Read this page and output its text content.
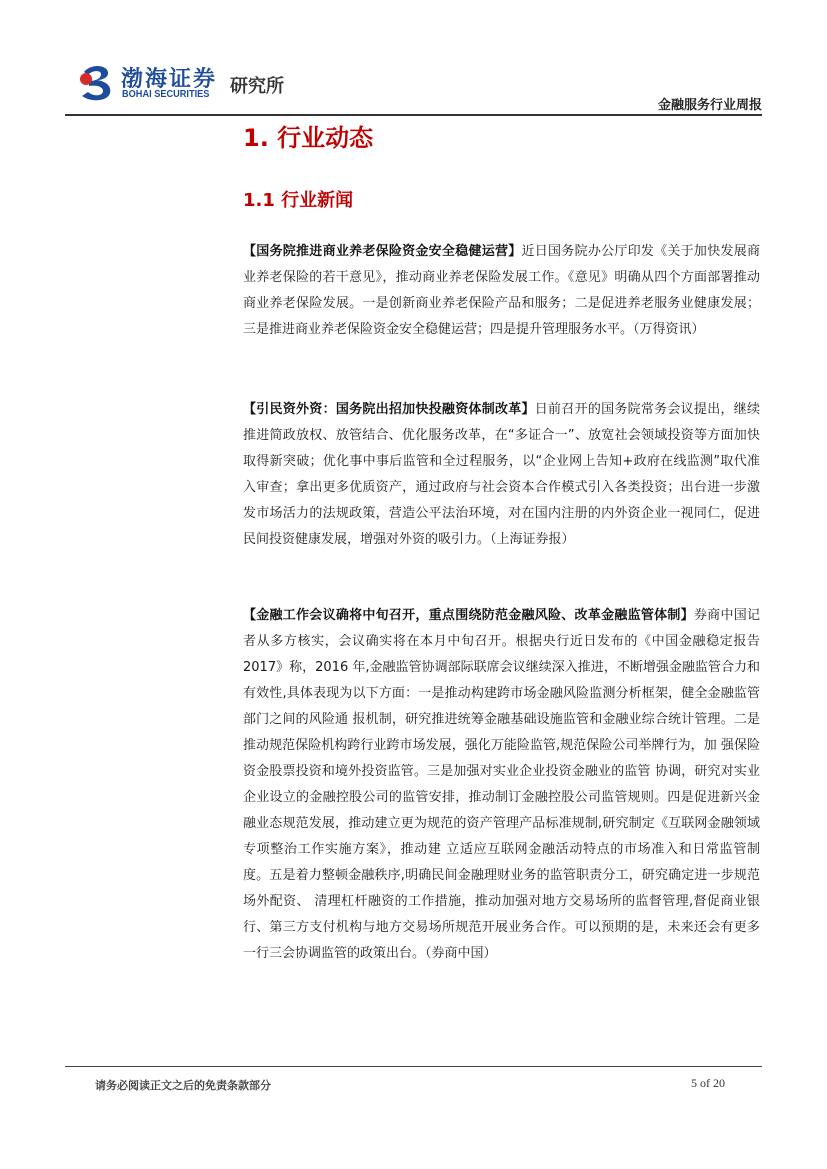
渤海证券
BOHAI SECURITIES 研究所
金融服务行业周报
1. 行业动态
1.1 行业新闻

【国务院推进商业养老保险资金安全稳健运营】近日国务院办公厅印发《关于加快发展商业养老保险的若干意见》，推动商业养老保险发展工作。《意见》明确从四个方面部署推动商业养老保险发展。一是创新商业养老保险产品和服务；二是促进养老服务业健康发展；三是推进商业养老保险资金安全稳健运营；四是提升管理服务水平。（万得资讯）

【引民资外资：国务院出招加快投融资体制改革】日前召开的国务院常务会议提出，继续推进简政放权、放管结合、优化服务改革，在“多证合一”、放宽社会领域投资等方面加快取得新突破；优化事中事后监管和全过程服务，以“企业网上告知+政府在线监测”取代准入审查；拿出更多优质资产，通过政府与社会资本合作模式引入各类投资；出台进一步激发市场活力的法规政策，营造公平法治环境，对在国内注册的内外资企业一视同仁，促进民间投资健康发展，增强对外资的吸引力。（上海证券报）

【金融工作会议确将中旬召开，重点围绕防范金融风险、改革金融监管体制】券商中国记者从多方核实，会议确实将在本月中旬召开。根据央行近日发布的《中国金融稳定报告 2017》称，2016 年,金融监管协调部际联席会议继续深入推进，不断增强金融监管合力和有效性,具体表现为以下方面：一是推动构建跨市场金融风险监测分析框架，健全金融监管部门之间的风险通 报机制，研究推进统筹金融基础设施监管和金融业综合统计管理。二是推动规范保险机构跨行业跨市场发展，强化万能险监管,规范保险公司举牌行为，加 强保险资金股票投资和境外投资监管。三是加强对实业企业投资金融业的监管 协调，研究对实业企业设立的金融控股公司的监管安排，推动制订金融控股公司监管规则。四是促进新兴金融业态规范发展，推动建立更为规范的资产管理产品标准规制,研究制定《互联网金融领域专项整治工作实施方案》，推动建 立适应互联网金融活动特点的市场准入和日常监管制度。五是着力整顿金融秩序,明确民间金融理财业务的监管职责分工，研究确定进一步规范场外配资、 清理杠杆融资的工作措施，推动加强对地方交易场所的监督管理,督促商业银行、第三方支付机构与地方交易场所规范开展业务合作。可以预期的是，未来还会有更多一行三会协调监管的政策出台。（券商中国）

请务必阅读正文之后的免责条款部分	5 of 20
